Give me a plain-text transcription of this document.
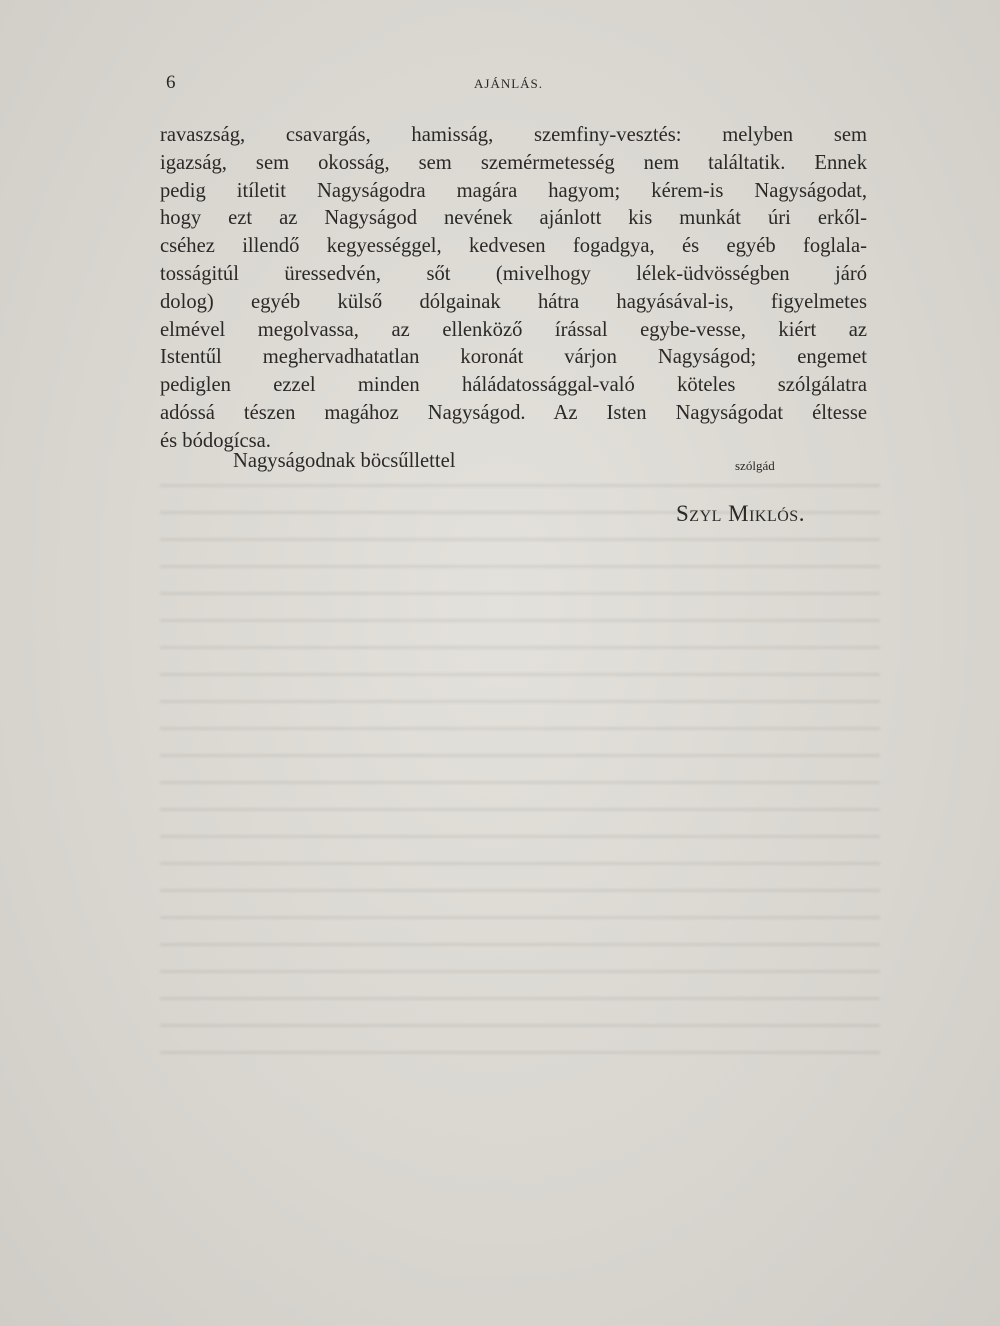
6	AJÁNLÁS.

ravaszság, csavargás, hamisság, szemfiny-vesztés: melyben sem
igazság, sem okosság, sem szemérmetesség nem találtatik. Ennek
pedig itíletit Nagyságodra magára hagyom; kérem-is Nagyságodat,
hogy ezt az Nagyságod nevének ajánlott kis munkát úri erkől-
cséhez illendő kegyességgel, kedvesen fogadgya, és egyéb foglala-
tosságitúl üressedvén, sőt (mivelhogy lélek-üdvösségben járó
dolog) egyéb külső dólgainak hátra hagyásával-is, figyelmetes
elmével megolvassa, az ellenköző írással egybe-vesse, kiért az
Istentűl meghervadhatatlan koronát várjon Nagyságod; engemet
pediglen ezzel minden háládatossággal-való köteles szólgálatra
adóssá tészen magához Nagyságod. Az Isten Nagyságodat éltesse
és bódogícsa.

Nagyságodnak böcsűllettel	szólgád
Szyl Miklós.
